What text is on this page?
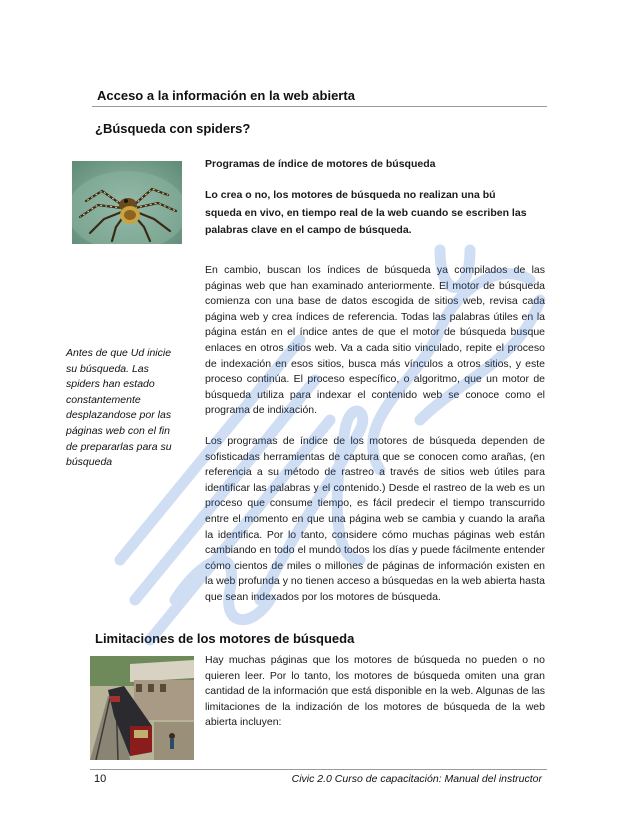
Acceso a la información en la web abierta
¿Búsqueda con spiders?
Antes de que Ud inicie su búsqueda. Las spiders han estado constantemente desplazandose por las páginas web con el fin de prepararlas para su búsqueda
Programas de índice de motores de búsqueda
Lo crea o no, los motores de búsqueda no realizan una bú
squeda en vivo, en tiempo real de la web cuando se escriben las palabras clave en el campo de búsqueda.
En cambio, buscan los índices de búsqueda ya compilados de las páginas web que han examinado anteriormente. El motor de búsqueda comienza con una base de datos escogida de sitios web, revisa cada página web y crea índices de referencia. Todas las palabras útiles en la página están en el índice antes de que el motor de búsqueda busque enlaces en otros sitios web. Va a cada sitio vinculado, repite el proceso de indexación en esos sitios, busca más vínculos a otros sitios, y este proceso continúa. El proceso específico, o algoritmo, que un motor de búsqueda utiliza para indexar el contenido web se conoce como el programa de indixación.
Los programas de índice de los motores de búsqueda dependen de sofisticadas herramientas de captura que se conocen como arañas, (en referencia a su método de rastreo a través de sitios web útiles para identificar las palabras y el contenido.) Desde el rastreo de la web es un proceso que consume tiempo, es fácil predecir el tiempo transcurrido entre el momento en que una página web se cambia y cuando la araña la identifica. Por lo tanto, considere cómo muchas páginas web están cambiando en todo el mundo todos los días y puede fácilmente entender cómo cientos de miles o millones de páginas de información existen en la web profunda y no tienen acceso a búsquedas en la web abierta hasta que sean indexados por los motores de búsqueda.
Limitaciones de los motores de búsqueda
Hay muchas páginas que los motores de búsqueda no pueden o no quieren leer. Por lo tanto, los motores de búsqueda omiten una gran cantidad de la información que está disponible en la web. Algunas de las limitaciones de la indización de los motores de búsqueda de la web abierta incluyen:
10	Civic 2.0 Curso de capacitación: Manual del instructor
